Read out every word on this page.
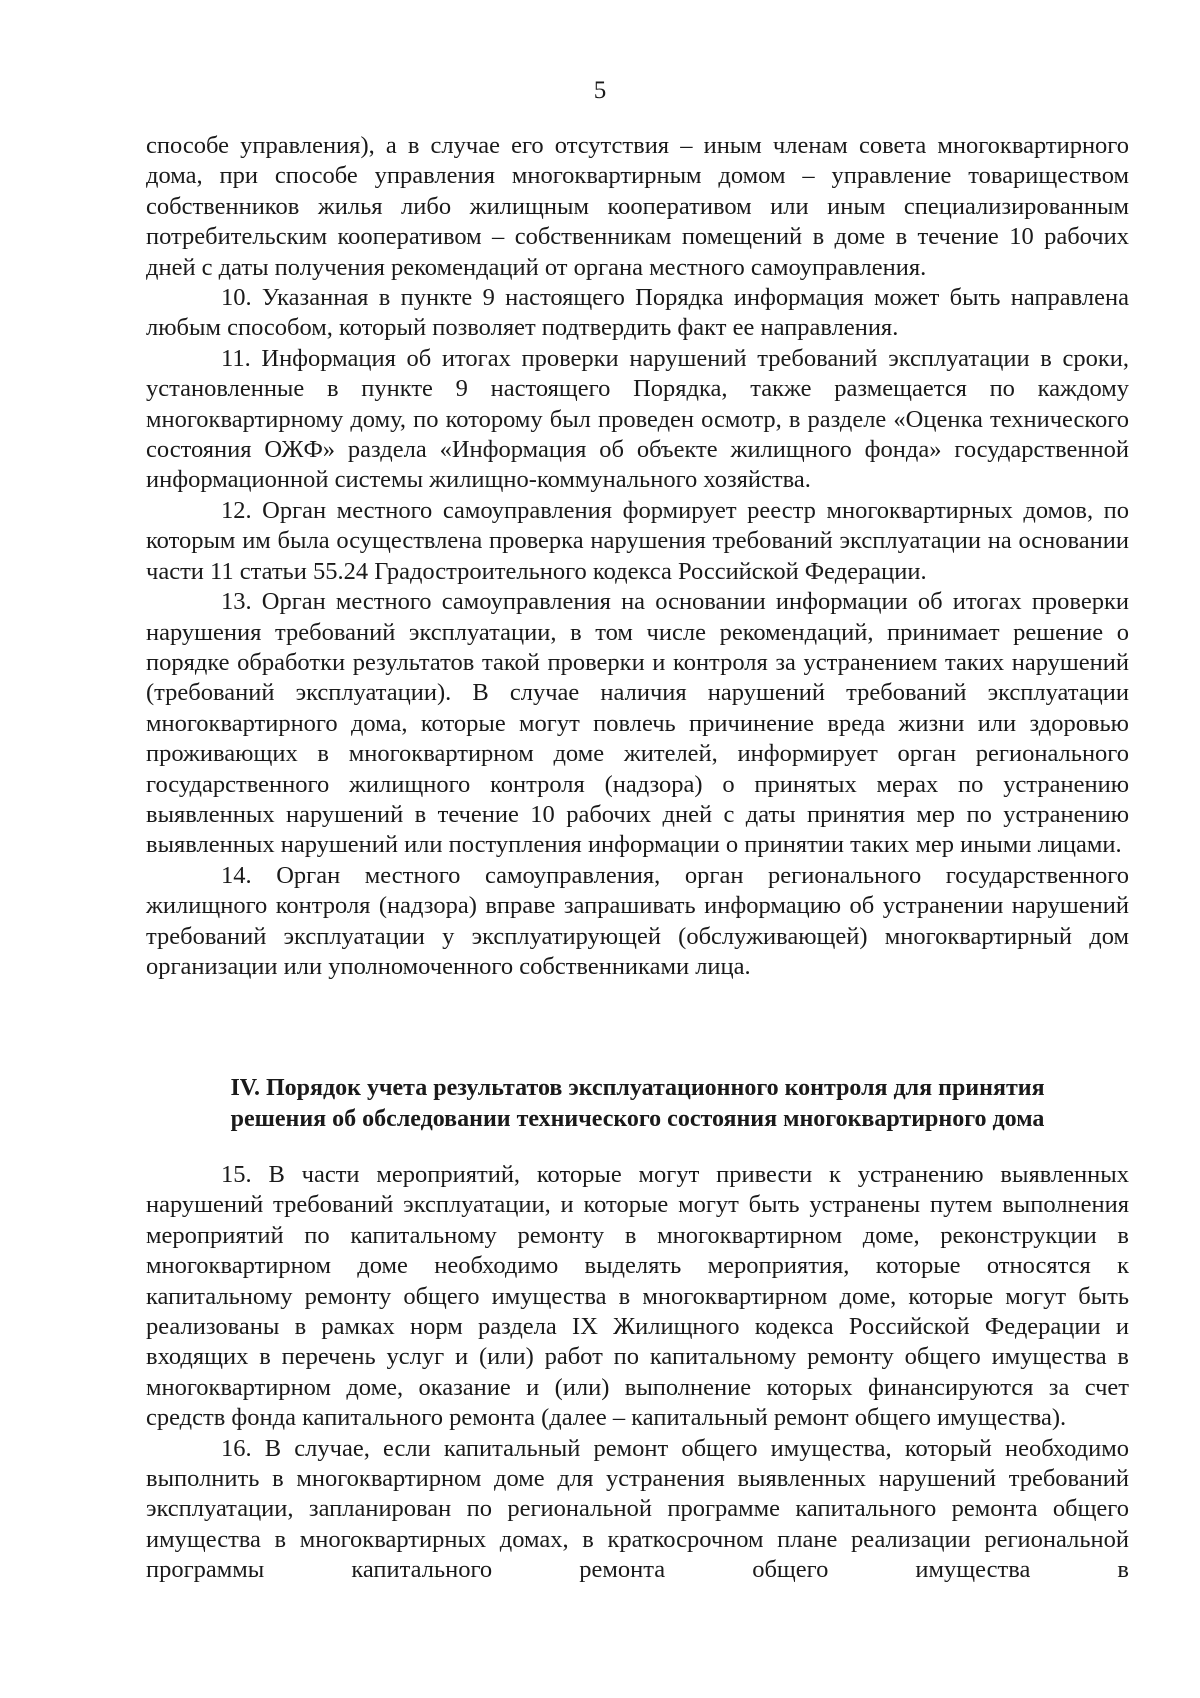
5

способе управления), а в случае его отсутствия – иным членам совета многоквартирного дома, при способе управления многоквартирным домом – управление товариществом собственников жилья либо жилищным кооперативом или иным специализированным потребительским кооперативом – собственникам помещений в доме в течение 10 рабочих дней с даты получения рекомендаций от органа местного самоуправления.

10. Указанная в пункте 9 настоящего Порядка информация может быть направлена любым способом, который позволяет подтвердить факт ее направления.

11. Информация об итогах проверки нарушений требований эксплуатации в сроки, установленные в пункте 9 настоящего Порядка, также размещается по каждому многоквартирному дому, по которому был проведен осмотр, в разделе «Оценка технического состояния ОЖФ» раздела «Информация об объекте жилищного фонда» государственной информационной системы жилищно-коммунального хозяйства.

12. Орган местного самоуправления формирует реестр многоквартирных домов, по которым им была осуществлена проверка нарушения требований эксплуатации на основании части 11 статьи 55.24 Градостроительного кодекса Российской Федерации.

13. Орган местного самоуправления на основании информации об итогах проверки нарушения требований эксплуатации, в том числе рекомендаций, принимает решение о порядке обработки результатов такой проверки и контроля за устранением таких нарушений (требований эксплуатации). В случае наличия нарушений требований эксплуатации многоквартирного дома, которые могут повлечь причинение вреда жизни или здоровью проживающих в многоквартирном доме жителей, информирует орган регионального государственного жилищного контроля (надзора) о принятых мерах по устранению выявленных нарушений в течение 10 рабочих дней с даты принятия мер по устранению выявленных нарушений или поступления информации о принятии таких мер иными лицами.

14. Орган местного самоуправления, орган регионального государственного жилищного контроля (надзора) вправе запрашивать информацию об устранении нарушений требований эксплуатации у эксплуатирующей (обслуживающей) многоквартирный дом организации или уполномоченного собственниками лица.

IV. Порядок учета результатов эксплуатационного контроля для принятия
решения об обследовании технического состояния многоквартирного дома

15. В части мероприятий, которые могут привести к устранению выявленных нарушений требований эксплуатации, и которые могут быть устранены путем выполнения мероприятий по капитальному ремонту в многоквартирном доме, реконструкции в многоквартирном доме необходимо выделять мероприятия, которые относятся к капитальному ремонту общего имущества в многоквартирном доме, которые могут быть реализованы в рамках норм раздела IX Жилищного кодекса Российской Федерации и входящих в перечень услуг и (или) работ по капитальному ремонту общего имущества в многоквартирном доме, оказание и (или) выполнение которых финансируются за счет средств фонда капитального ремонта (далее – капитальный ремонт общего имущества).

16. В случае, если капитальный ремонт общего имущества, который необходимо выполнить в многоквартирном доме для устранения выявленных нарушений требований эксплуатации, запланирован по региональной программе капитального ремонта общего имущества в многоквартирных домах, в краткосрочном плане реализации региональной программы капитального ремонта общего имущества в
